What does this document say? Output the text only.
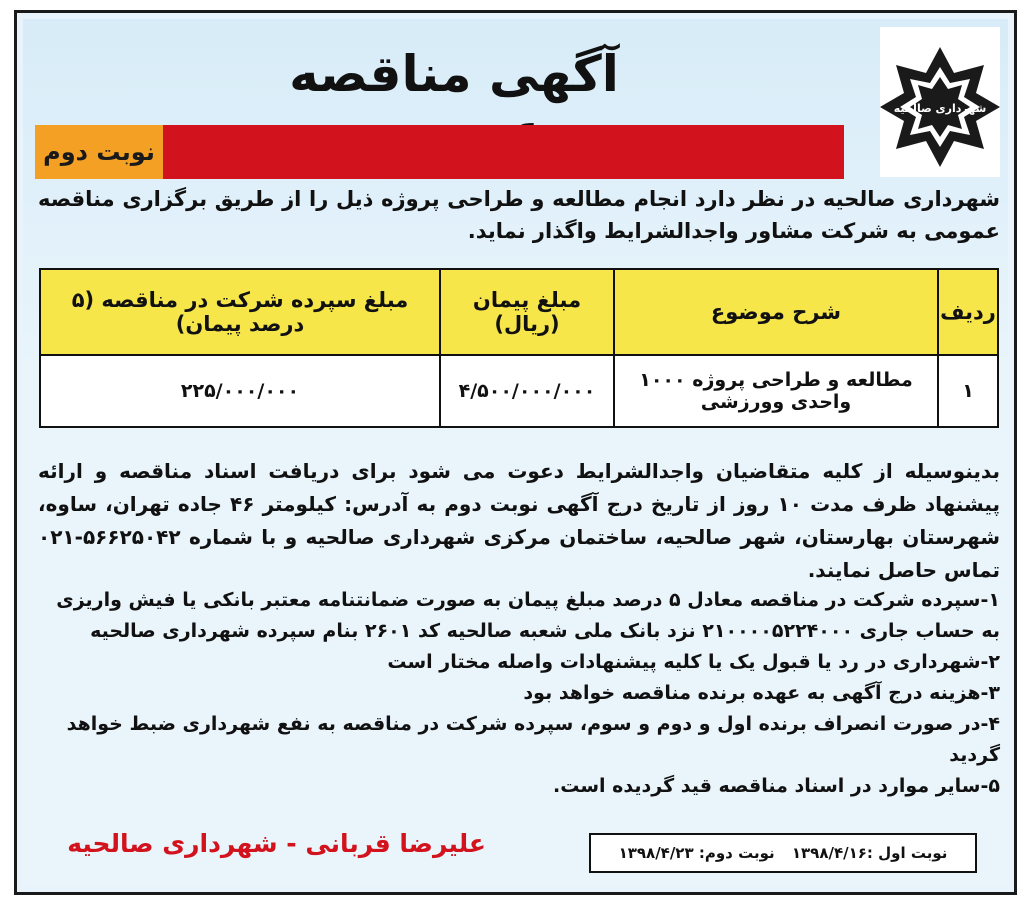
شهرداری صالحیه
آگهی مناقصه
نوبت دوم
شهرداری صالحیه در نظر دارد انجام مطالعه و طراحی پروژه ذیل را از طریق برگزاری مناقصه عمومی به شرکت مشاور واجدالشرایط واگذار نماید.
ردیف	شرح موضوع	مبلغ پیمان (ریال)	مبلغ سپرده شرکت در مناقصه (۵ درصد پیمان)
۱	مطالعه و طراحی پروژه ۱۰۰۰ واحدی وورزشی	۴/۵۰۰/۰۰۰/۰۰۰	۲۲۵/۰۰۰/۰۰۰
بدینوسیله از کلیه متقاضیان واجدالشرایط دعوت می شود برای دریافت اسناد مناقصه و ارائه پیشنهاد ظرف مدت ۱۰ روز از تاریخ درج آگهی نوبت دوم به آدرس: کیلومتر ۴۶ جاده تهران، ساوه، شهرستان بهارستان، شهر صالحیه، ساختمان مرکزی شهرداری صالحیه و با شماره ۵۶۶۲۵۰۴۲-۰۲۱ تماس حاصل نمایند.
۱-سپرده شرکت در مناقصه معادل ۵ درصد مبلغ پیمان به صورت ضمانتنامه معتبر بانکی یا فیش واریزی به حساب جاری ۲۱۰۰۰۰۵۲۲۴۰۰۰ نزد بانک ملی شعبه صالحیه کد ۲۶۰۱ بنام سپرده شهرداری صالحیه
۲-شهرداری در رد یا قبول یک یا کلیه پیشنهادات واصله مختار است
۳-هزینه درج آگهی به عهده برنده مناقصه خواهد بود
۴-در صورت انصراف برنده اول و دوم و سوم، سپرده شرکت در مناقصه به نفع شهرداری ضبط خواهد گردید
۵-سایر موارد در اسناد مناقصه قید گردیده است.
علیرضا قربانی - شهرداری صالحیه	نوبت اول :۱۳۹۸/۴/۱۶ نوبت دوم: ۱۳۹۸/۴/۲۳
